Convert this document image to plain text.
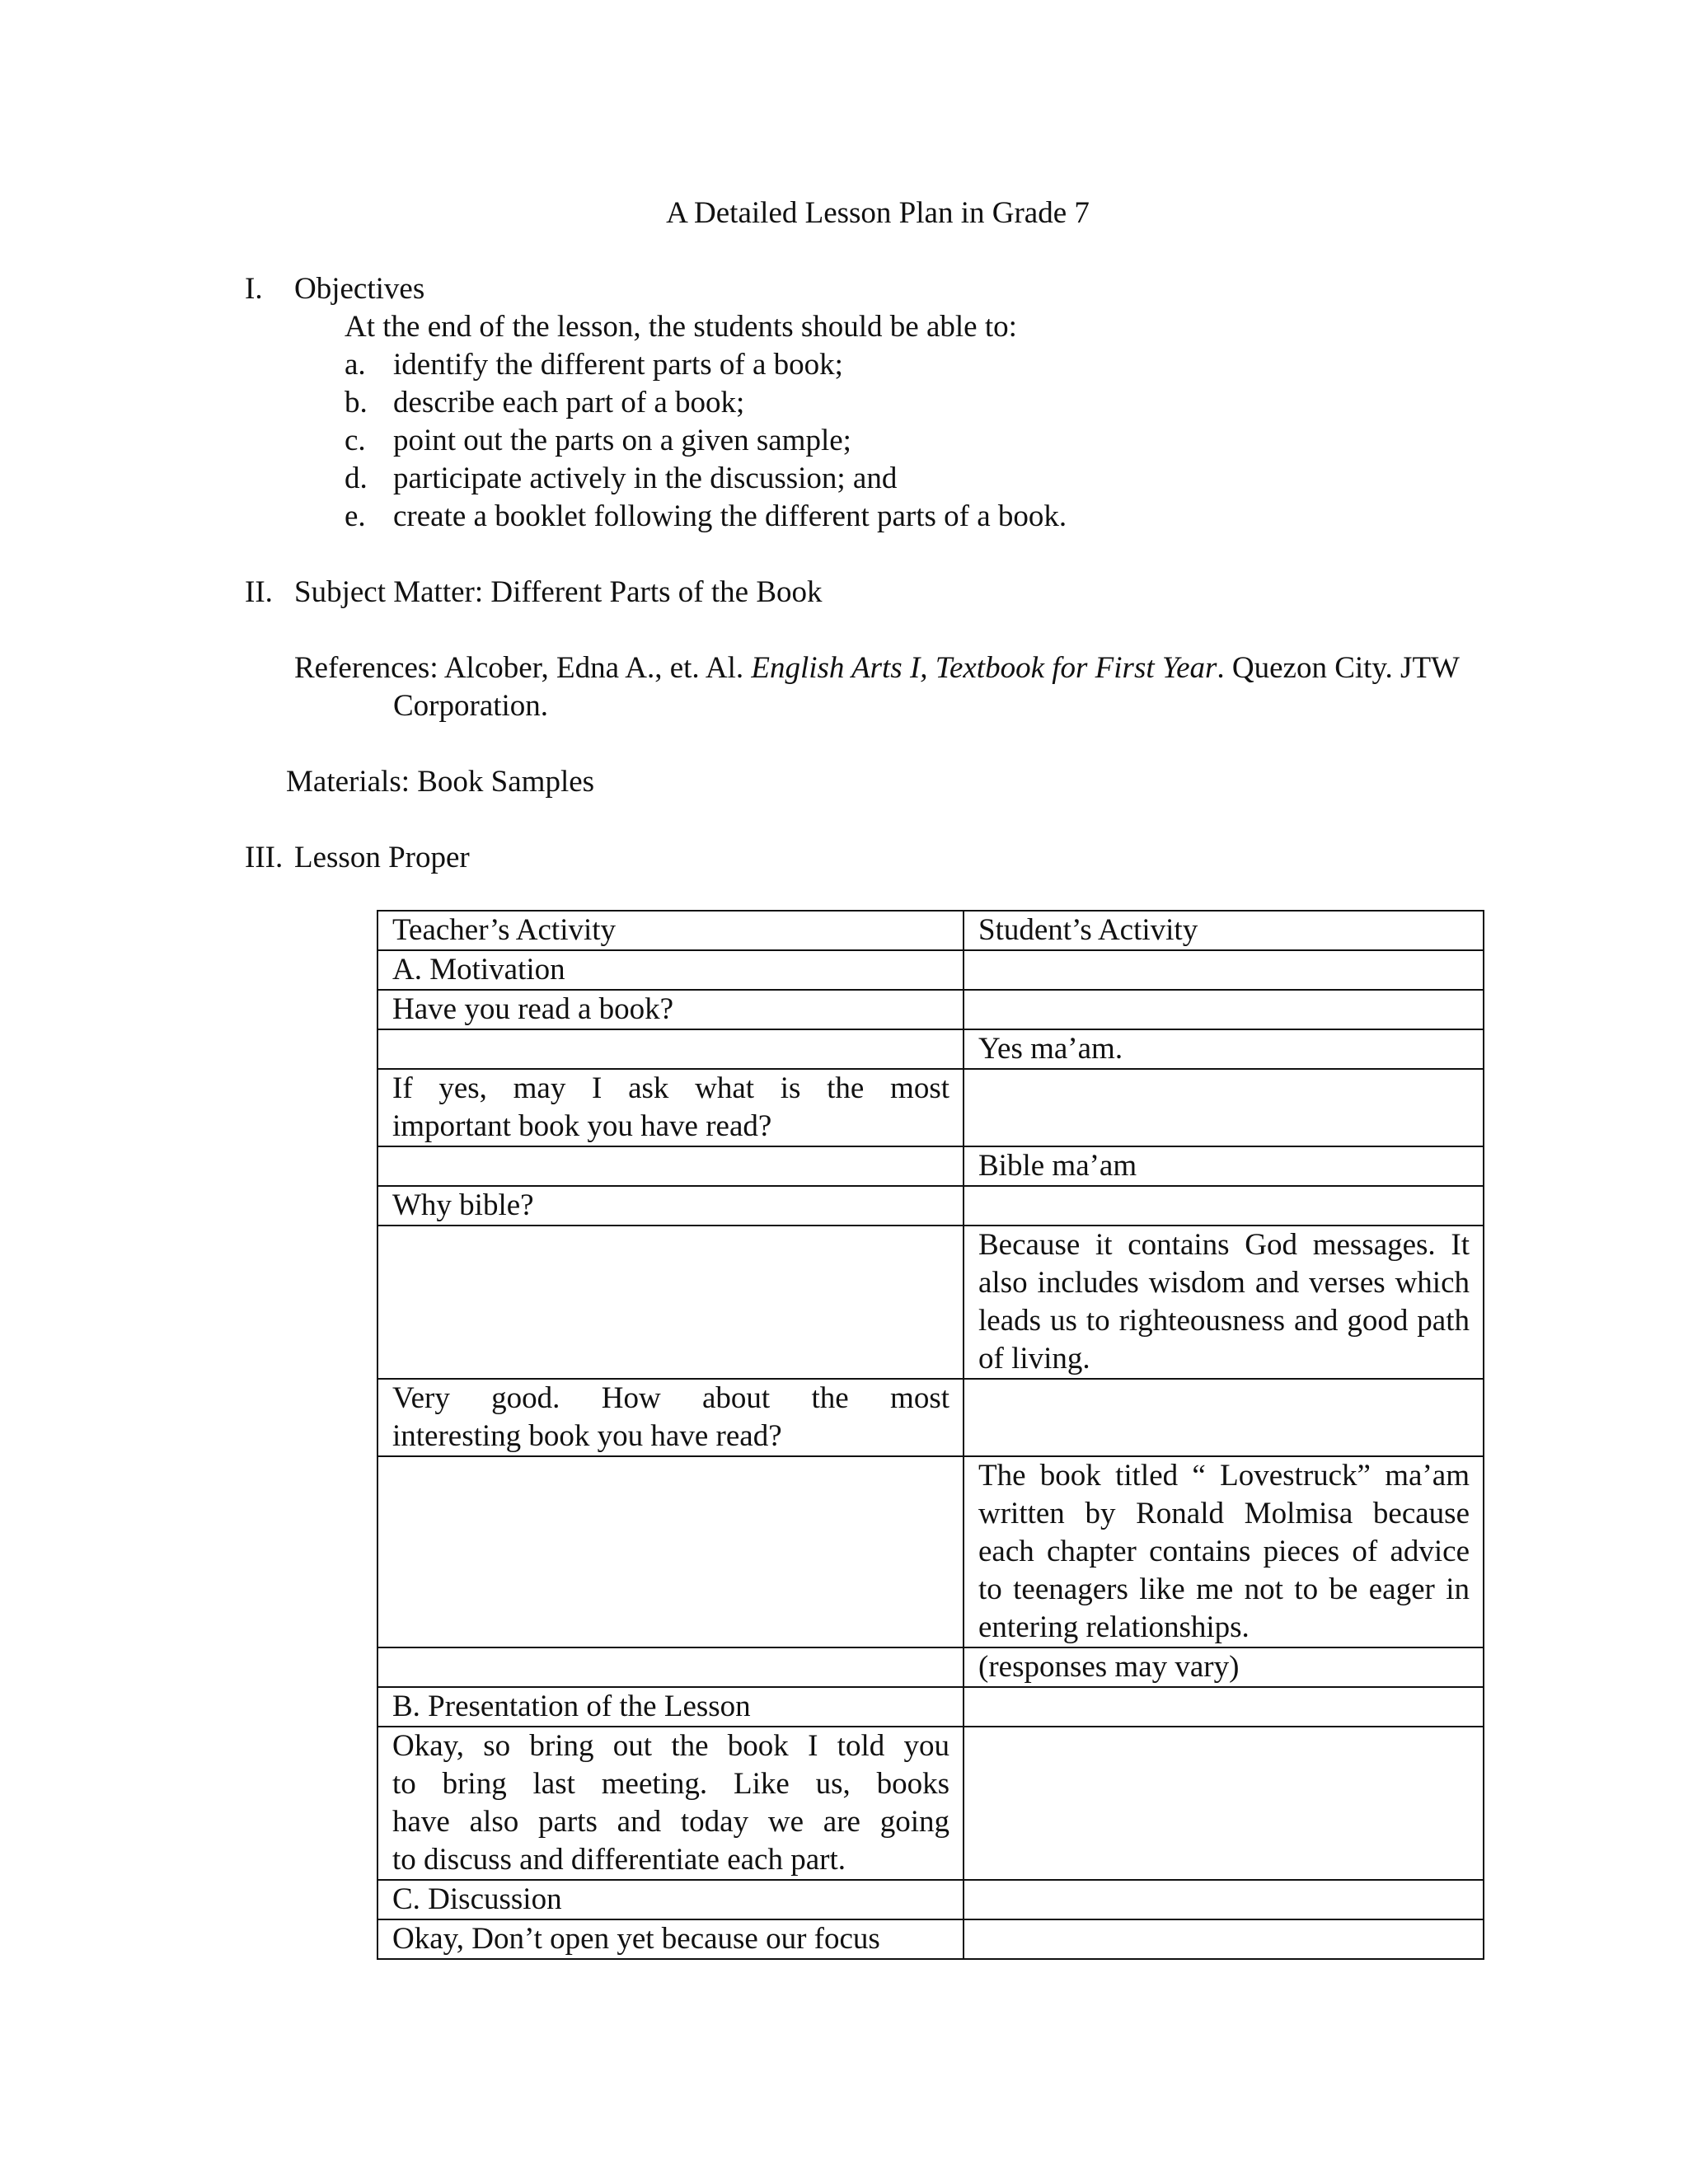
A Detailed Lesson Plan in Grade 7
I. Objectives
At the end of the lesson, the students should be able to:
a. identify the different parts of a book;
b. describe each part of a book;
c. point out the parts on a given sample;
d. participate actively in the discussion; and
e. create a booklet following the different parts of a book.
II. Subject Matter: Different Parts of the Book
References: Alcober, Edna A., et. Al. English Arts I, Textbook for First Year. Quezon City. JTW
Corporation.
Materials: Book Samples
III. Lesson Proper
Teacher’s Activity	Student’s Activity
A. Motivation	
Have you read a book?	
	Yes ma’am.

If yes, may I ask what is the most
important book you have read?	

	Bible ma’am
Why bible?	

	Because it contains God messages. It
also includes wisdom and verses which
leads us to righteousness and good path
of living.

Very good. How about the most
interesting book you have read?	

	The book titled “ Lovestruck” ma’am
written by Ronald Molmisa because
each chapter contains pieces of advice
to teenagers like me not to be eager in
entering relationships.

	(responses may vary)
B. Presentation of the Lesson	

Okay, so bring out the book I told you
to bring last meeting. Like us, books
have also parts and today we are going
to discuss and differentiate each part.	

C. Discussion	
Okay, Don’t open yet because our focus	
